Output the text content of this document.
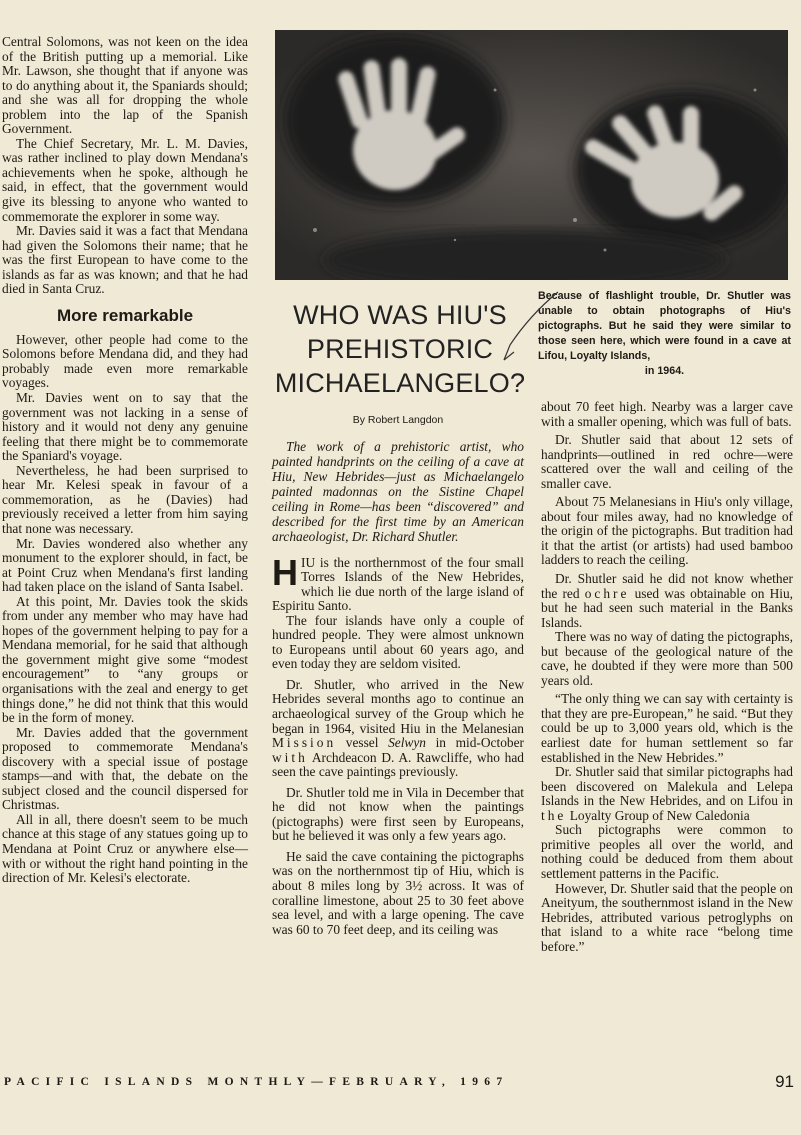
Central Solomons, was not keen on the idea of the British putting up a memorial. Like Mr. Lawson, she thought that if anyone was to do anything about it, the Spaniards should; and she was all for dropping the whole problem into the lap of the Spanish Government.

The Chief Secretary, Mr. L. M. Davies, was rather inclined to play down Mendana's achievements when he spoke, although he said, in effect, that the government would give its blessing to anyone who wanted to commemorate the explorer in some way.

Mr. Davies said it was a fact that Mendana had given the Solomons their name; that he was the first European to have come to the islands as far as was known; and that he had died in Santa Cruz.

More remarkable

However, other people had come to the Solomons before Mendana did, and they had probably made even more remarkable voyages.

Mr. Davies went on to say that the government was not lacking in a sense of history and it would not deny any genuine feeling that there might be to commemorate the Spaniard's voyage.

Nevertheless, he had been surprised to hear Mr. Kelesi speak in favour of a commemoration, as he (Davies) had previously received a letter from him saying that none was necessary.

Mr. Davies wondered also whether any monument to the explorer should, in fact, be at Point Cruz when Mendana's first landing had taken place on the island of Santa Isabel.

At this point, Mr. Davies took the skids from under any member who may have had hopes of the government helping to pay for a Mendana memorial, for he said that although the government might give some “modest encouragement” to “any groups or organisations with the zeal and energy to get things done,” he did not think that this would be in the form of money.

Mr. Davies added that the government proposed to commemorate Mendana's discovery with a special issue of postage stamps—and with that, the debate on the subject closed and the council dispersed for Christmas.

All in all, there doesn't seem to be much chance at this stage of any statues going up to Mendana at Point Cruz or anywhere else—with or without the right hand pointing in the direction of Mr. Kelesi's electorate.

Because of flashlight trouble, Dr. Shutler was unable to obtain photographs of Hiu's pictographs. But he said they were similar to those seen here, which were found in a cave at Lifou, Loyalty Islands,
in 1964.
WHO WAS HIU'S
PREHISTORIC
MICHAELANGELO?
By Robert Langdon

The work of a prehistoric artist, who painted handprints on the ceiling of a cave at Hiu, New Hebrides—just as Michaelangelo painted madonnas on the Sistine Chapel ceiling in Rome—has been “discovered” and described for the first time by an American archaeologist, Dr. Richard Shutler.

HIU is the northernmost of the four small Torres Islands of the New Hebrides, which lie due north of the large island of Espiritu Santo.

The four islands have only a couple of hundred people. They were almost unknown to Europeans until about 60 years ago, and even today they are seldom visited.

Dr. Shutler, who arrived in the New Hebrides several months ago to continue an archaeological survey of the Group which he began in 1964, visited Hiu in the Melanesian Mission vessel Selwyn in mid-October with Archdeacon D. A. Rawcliffe, who had seen the cave paintings previously.

Dr. Shutler told me in Vila in December that he did not know when the paintings (pictographs) were first seen by Europeans, but he believed it was only a few years ago.

He said the cave containing the pictographs was on the northernmost tip of Hiu, which is about 8 miles long by 3½ across. It was of coralline limestone, about 25 to 30 feet above sea level, and with a large opening. The cave was 60 to 70 feet deep, and its ceiling was

about 70 feet high. Nearby was a larger cave with a smaller opening, which was full of bats.

Dr. Shutler said that about 12 sets of handprints—outlined in red ochre—were scattered over the wall and ceiling of the smaller cave.

About 75 Melanesians in Hiu's only village, about four miles away, had no knowledge of the origin of the pictographs. But tradition had it that the artist (or artists) had used bamboo ladders to reach the ceiling.

Dr. Shutler said he did not know whether the red ochre used was obtainable on Hiu, but he had seen such material in the Banks Islands.

There was no way of dating the pictographs, but because of the geological nature of the cave, he doubted if they were more than 500 years old.

“The only thing we can say with certainty is that they are pre-European,” he said. “But they could be up to 3,000 years old, which is the earliest date for human settlement so far established in the New Hebrides.”

Dr. Shutler said that similar pictographs had been discovered on Malekula and Lelepa Islands in the New Hebrides, and on Lifou in the Loyalty Group of New Caledonia

Such pictographs were common to primitive peoples all over the world, and nothing could be deduced from them about settlement patterns in the Pacific.

However, Dr. Shutler said that the people on Aneityum, the southernmost island in the New Hebrides, attributed various petroglyphs on that island to a white race “belong time before.”

PACIFIC ISLANDS MONTHLY—FEBRUARY, 1967	91
